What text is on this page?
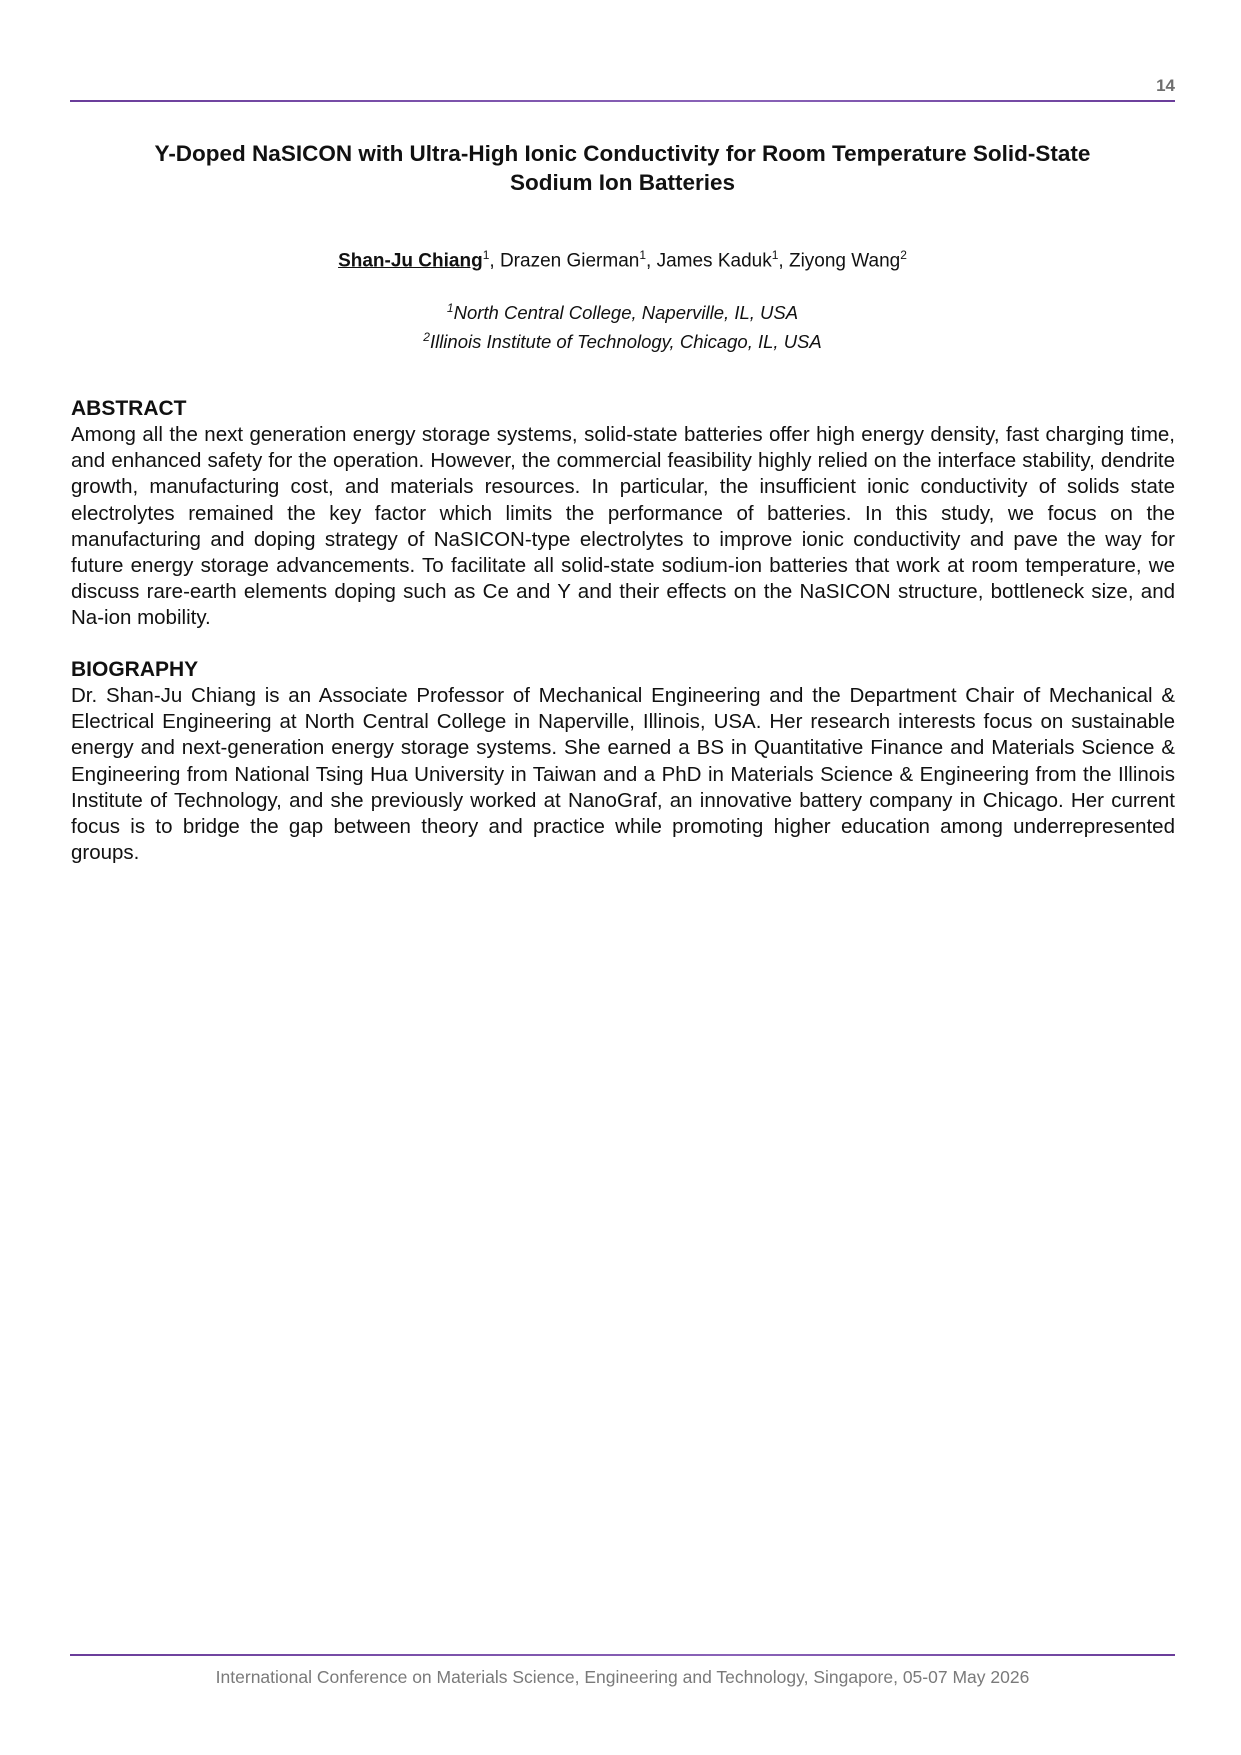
14
Y-Doped NaSICON with Ultra-High Ionic Conductivity for Room Temperature Solid-State
Sodium Ion Batteries
Shan-Ju Chiang$^1$, Drazen Gierman$^1$, James Kaduk$^1$, Ziyong Wang$^2$
$^1$North Central College, Naperville, IL, USA
$^2$Illinois Institute of Technology, Chicago, IL, USA
ABSTRACT
Among all the next generation energy storage systems, solid-state batteries offer high energy density, fast charging time, and enhanced safety for the operation. However, the commercial feasibility highly relied on the interface stability, dendrite growth, manufacturing cost, and materials resources. In particular, the insufficient ionic conductivity of solids state electrolytes remained the key factor which limits the performance of batteries. In this study, we focus on the manufacturing and doping strategy of NaSICON-type electrolytes to improve ionic conductivity and pave the way for future energy storage advancements. To facilitate all solid-state sodium-ion batteries that work at room temperature, we discuss rare-earth elements doping such as Ce and Y and their effects on the NaSICON structure, bottleneck size, and Na-ion mobility.
BIOGRAPHY
Dr. Shan-Ju Chiang is an Associate Professor of Mechanical Engineering and the Department Chair of Mechanical & Electrical Engineering at North Central College in Naperville, Illinois, USA. Her research interests focus on sustainable energy and next-generation energy storage systems. She earned a BS in Quantitative Finance and Materials Science & Engineering from National Tsing Hua University in Taiwan and a PhD in Materials Science & Engineering from the Illinois Institute of Technology, and she previously worked at NanoGraf, an innovative battery company in Chicago. Her current focus is to bridge the gap between theory and practice while promoting higher education among underrepresented groups.
International Conference on Materials Science, Engineering and Technology, Singapore, 05-07 May 2026
